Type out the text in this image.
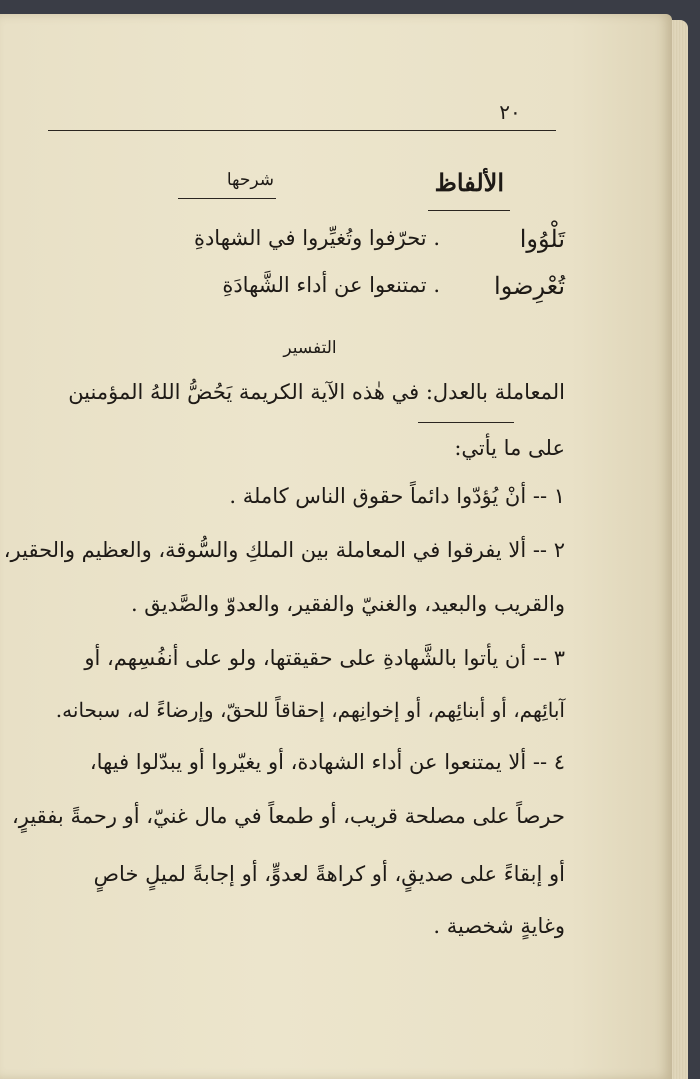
٢٠
الألفاظ
شرحها
تَلْوُوا
. تحرّفوا وتُغيِّروا في الشهادةِ
تُعْرِضوا
. تمتنعوا عن أداء الشَّهادَةِ
التفسير
المعاملة بالعدل: في هٰذه الآية الكريمة يَحُضُّ اللهُ المؤمنين
على ما يأتي:
١ -- أنْ يُؤدّوا دائماً حقوق الناس كاملة .
٢ -- ألا يفرقوا في المعاملة بين الملكِ والسُّوقة، والعظيم والحقير،
والقريب والبعيد، والغنيّ والفقير، والعدوّ والصَّديق .
٣ -- أن يأتوا بالشَّهادةِ على حقيقتها، ولو على أنفُسِهم، أو
آبائِهم، أو أبنائِهم، أو إخوانِهم، إحقاقاً للحقّ، وإرضاءً له، سبحانه.
٤ -- ألا يمتنعوا عن أداء الشهادة، أو يغيّروا أو يبدّلوا فيها،
حرصاً على مصلحة قريب، أو طمعاً في مال غنيّ، أو رحمةً بفقيرٍ،
أو إبقاءً على صديقٍ، أو كراهةً لعدوٍّ، أو إجابةً لميلٍ خاصٍ
وغايةٍ شخصية .
